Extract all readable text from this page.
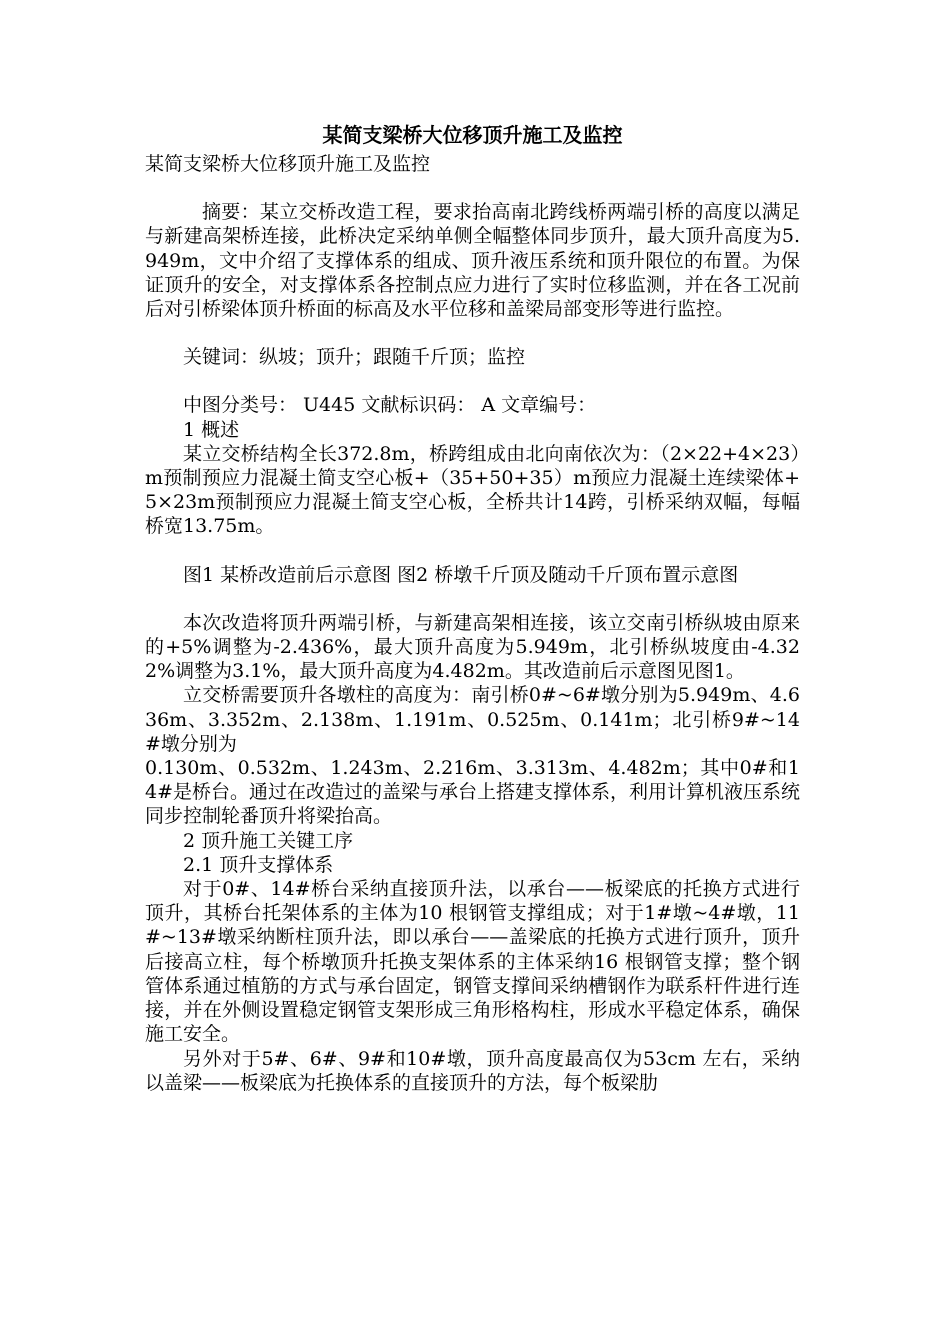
某简支梁桥大位移顶升施工及监控

某简支梁桥大位移顶升施工及监控

摘要：某立交桥改造工程，要求抬高南北跨线桥两端引桥的高度以满足与新建高架桥连接，此桥决定采纳单侧全幅整体同步顶升，最大顶升高度为5.949m，文中介绍了支撑体系的组成、顶升液压系统和顶升限位的布置。为保证顶升的安全，对支撑体系各控制点应力进行了实时位移监测，并在各工况前后对引桥梁体顶升桥面的标高及水平位移和盖梁局部变形等进行监控。

关键词：纵坡；顶升；跟随千斤顶；监控

中图分类号： U445 文献标识码： A 文章编号：

1 概述

某立交桥结构全长372.8m，桥跨组成由北向南依次为：（2×22+4×23）m预制预应力混凝土简支空心板+（35+50+35）m预应力混凝土连续梁体+5×23m预制预应力混凝土简支空心板，全桥共计14跨，引桥采纳双幅，每幅桥宽13.75m。

图1 某桥改造前后示意图 图2 桥墩千斤顶及随动千斤顶布置示意图

本次改造将顶升两端引桥，与新建高架相连接，该立交南引桥纵坡由原来的+5%调整为-2.436%，最大顶升高度为5.949m，北引桥纵坡度由-4.322%调整为3.1%，最大顶升高度为4.482m。其改造前后示意图见图1。

立交桥需要顶升各墩柱的高度为：南引桥0#~6#墩分别为5.949m、4.636m、3.352m、2.138m、1.191m、0.525m、0.141m；北引桥9#~14#墩分别为

0.130m、0.532m、1.243m、2.216m、3.313m、4.482m；其中0#和14#是桥台。通过在改造过的盖梁与承台上搭建支撑体系，利用计算机液压系统同步控制轮番顶升将梁抬高。

2 顶升施工关键工序

2.1 顶升支撑体系

对于0#、14#桥台采纳直接顶升法，以承台——板梁底的托换方式进行顶升，其桥台托架体系的主体为10 根钢管支撑组成；对于1#墩~4#墩，11#~13#墩采纳断柱顶升法，即以承台——盖梁底的托换方式进行顶升，顶升后接高立柱，每个桥墩顶升托换支架体系的主体采纳16 根钢管支撑；整个钢管体系通过植筋的方式与承台固定，钢管支撑间采纳槽钢作为联系杆件进行连接，并在外侧设置稳定钢管支架形成三角形格构柱，形成水平稳定体系，确保施工安全。

另外对于5#、6#、9#和10#墩，顶升高度最高仅为53cm 左右，采纳以盖梁——板梁底为托换体系的直接顶升的方法，每个板梁肋
